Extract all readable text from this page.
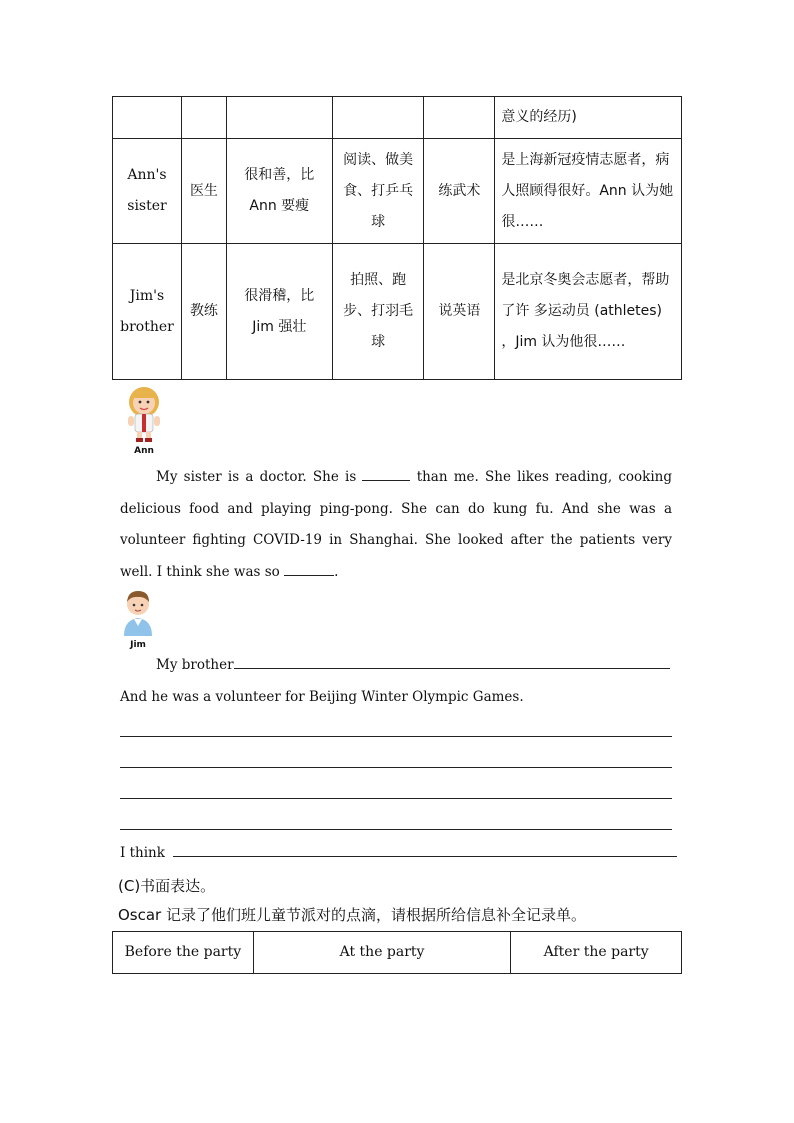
					意义的经历)
Ann's sister	医生	很和善，比 Ann 要瘦	阅读、做美食、打乒乓球	练武术	是上海新冠疫情志愿者，病人照顾得很好。Ann 认为她很……
Jim's brother	教练	很滑稽，比 Jim 强壮	拍照、跑步、打羽毛球	说英语	是北京冬奥会志愿者，帮助了许 多运动员 (athletes) ，Jim 认为他很……
Ann
My sister is a doctor. She is	than me. She likes reading, cooking delicious food and playing ping-pong. She can do kung fu. And she was a volunteer fighting COVID-19 in Shanghai. She looked after the patients very well. I think she was so	.
Jim
My brother
And he was a volunteer for Beijing Winter Olympic Games.
I think
(C)书面表达。
Oscar 记录了他们班儿童节派对的点滴，请根据所给信息补全记录单。
Before the party	At the party	After the party
